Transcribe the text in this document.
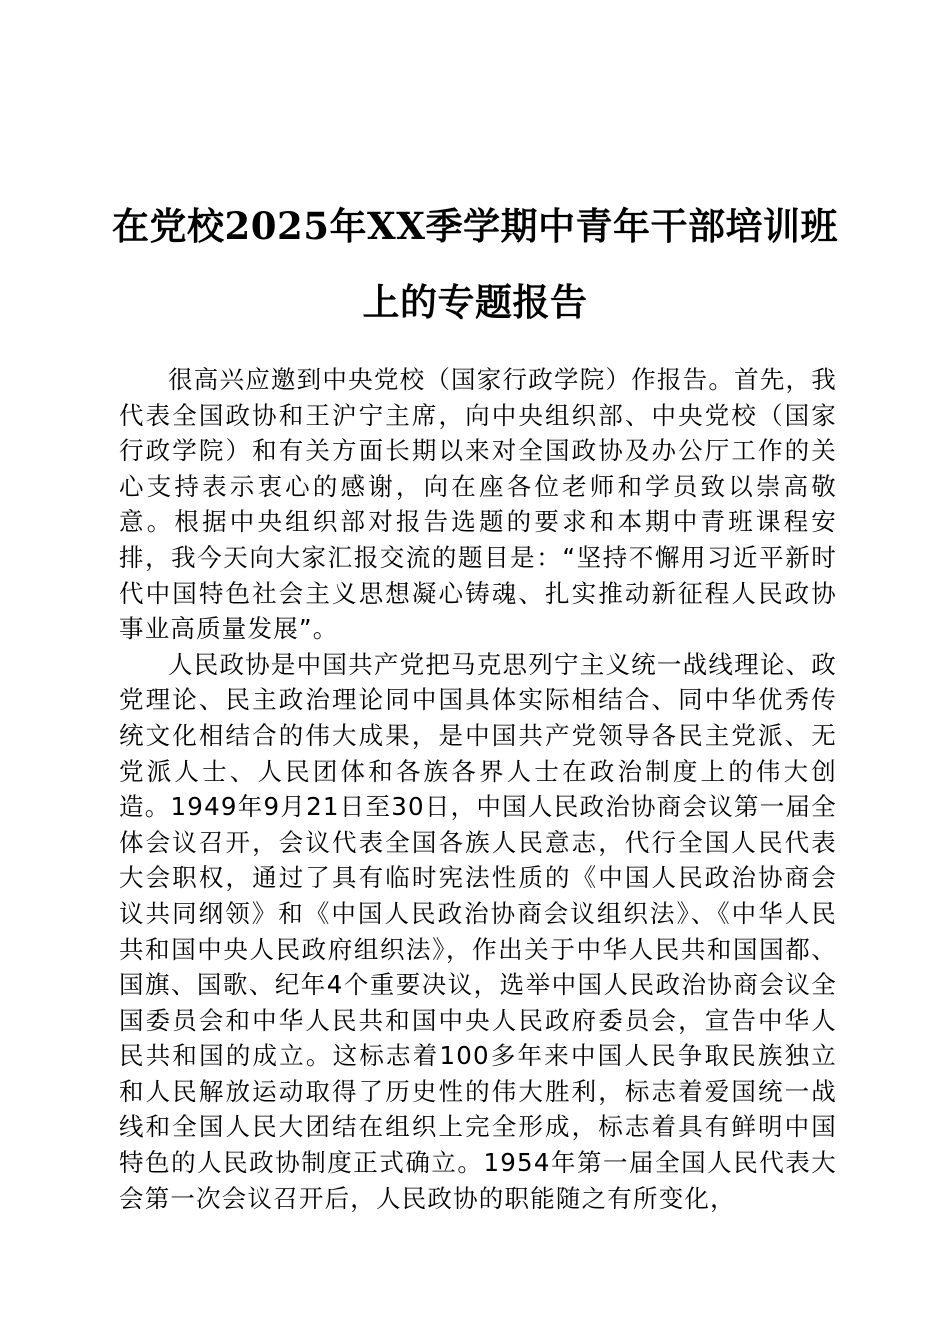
在党校2025年XX季学期中青年干部培训班
上的专题报告

很高兴应邀到中央党校（国家行政学院）作报告。首先，我代表全国政协和王沪宁主席，向中央组织部、中央党校（国家行政学院）和有关方面长期以来对全国政协及办公厅工作的关心支持表示衷心的感谢，向在座各位老师和学员致以崇高敬意。根据中央组织部对报告选题的要求和本期中青班课程安排，我今天向大家汇报交流的题目是：“坚持不懈用习近平新时代中国特色社会主义思想凝心铸魂、扎实推动新征程人民政协事业高质量发展”。

人民政协是中国共产党把马克思列宁主义统一战线理论、政党理论、民主政治理论同中国具体实际相结合、同中华优秀传统文化相结合的伟大成果，是中国共产党领导各民主党派、无党派人士、人民团体和各族各界人士在政治制度上的伟大创造。1949年9月21日至30日，中国人民政治协商会议第一届全体会议召开，会议代表全国各族人民意志，代行全国人民代表大会职权，通过了具有临时宪法性质的《中国人民政治协商会议共同纲领》和《中国人民政治协商会议组织法》、《中华人民共和国中央人民政府组织法》，作出关于中华人民共和国国都、国旗、国歌、纪年4个重要决议，选举中国人民政治协商会议全国委员会和中华人民共和国中央人民政府委员会，宣告中华人民共和国的成立。这标志着100多年来中国人民争取民族独立和人民解放运动取得了历史性的伟大胜利，标志着爱国统一战线和全国人民大团结在组织上完全形成，标志着具有鲜明中国特色的人民政协制度正式确立。1954年第一届全国人民代表大会第一次会议召开后，人民政协的职能随之有所变化，
